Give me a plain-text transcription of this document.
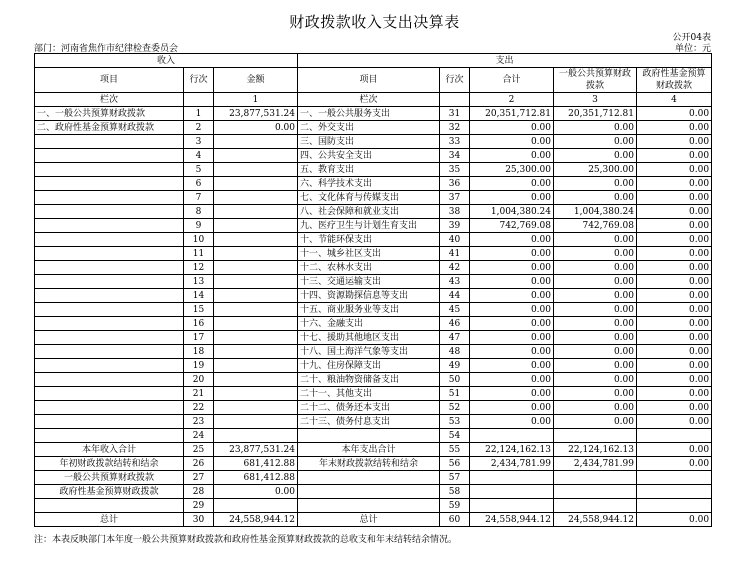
财政拨款收入支出决算表
公开04表
部门：河南省焦作市纪律检查委员会	单位：元
收入			支出				
项目	行次	金额	项目	行次	合计	一般公共预算财政拨款	政府性基金预算财政拨款
栏次		1	栏次		2	3	4
一、一般公共预算财政拨款	1	23,877,531.24	一、一般公共服务支出	31	20,351,712.81	20,351,712.81	0.00
二、政府性基金预算财政拨款	2	0.00	二、外交支出	32	0.00	0.00	0.00
	3		三、国防支出	33	0.00	0.00	0.00
	4		四、公共安全支出	34	0.00	0.00	0.00
	5		五、教育支出	35	25,300.00	25,300.00	0.00
	6		六、科学技术支出	36	0.00	0.00	0.00
	7		七、文化体育与传媒支出	37	0.00	0.00	0.00
	8		八、社会保障和就业支出	38	1,004,380.24	1,004,380.24	0.00
	9		九、医疗卫生与计划生育支出	39	742,769.08	742,769.08	0.00
	10		十、节能环保支出	40	0.00	0.00	0.00
	11		十一、城乡社区支出	41	0.00	0.00	0.00
	12		十二、农林水支出	42	0.00	0.00	0.00
	13		十三、交通运输支出	43	0.00	0.00	0.00
	14		十四、资源勘探信息等支出	44	0.00	0.00	0.00
	15		十五、商业服务业等支出	45	0.00	0.00	0.00
	16		十六、金融支出	46	0.00	0.00	0.00
	17		十七、援助其他地区支出	47	0.00	0.00	0.00
	18		十八、国土海洋气象等支出	48	0.00	0.00	0.00
	19		十九、住房保障支出	49	0.00	0.00	0.00
	20		二十、粮油物资储备支出	50	0.00	0.00	0.00
	21		二十一、其他支出	51	0.00	0.00	0.00
	22		二十二、债务还本支出	52	0.00	0.00	0.00
	23		二十三、债务付息支出	53	0.00	0.00	0.00
	24			54			
本年收入合计	25	23,877,531.24	本年支出合计	55	22,124,162.13	22,124,162.13	0.00
年初财政拨款结转和结余	26	681,412.88	年末财政拨款结转和结余	56	2,434,781.99	2,434,781.99	0.00
一般公共预算财政拨款	27	681,412.88		57			
政府性基金预算财政拨款	28	0.00		58			
	29			59			
总计	30	24,558,944.12	总计	60	24,558,944.12	24,558,944.12	0.00
注：本表反映部门本年度一般公共预算财政拨款和政府性基金预算财政拨款的总收支和年末结转结余情况。
